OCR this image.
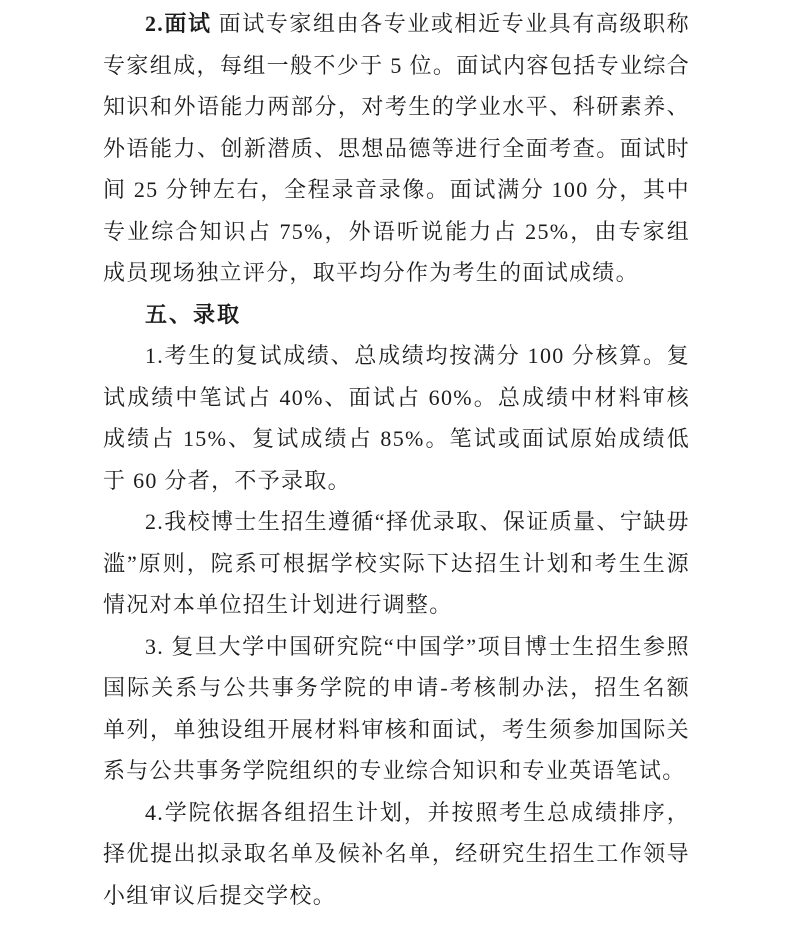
2.面试 面试专家组由各专业或相近专业具有高级职称专家组成，每组一般不少于 5 位。面试内容包括专业综合知识和外语能力两部分，对考生的学业水平、科研素养、外语能力、创新潜质、思想品德等进行全面考查。面试时间 25 分钟左右，全程录音录像。面试满分 100 分，其中专业综合知识占 75%，外语听说能力占 25%，由专家组成员现场独立评分，取平均分作为考生的面试成绩。

五、录取

1.考生的复试成绩、总成绩均按满分 100 分核算。复试成绩中笔试占 40%、面试占 60%。总成绩中材料审核成绩占 15%、复试成绩占 85%。笔试或面试原始成绩低于 60 分者，不予录取。

2.我校博士生招生遵循“择优录取、保证质量、宁缺毋滥”原则，院系可根据学校实际下达招生计划和考生生源情况对本单位招生计划进行调整。

3. 复旦大学中国研究院“中国学”项目博士生招生参照国际关系与公共事务学院的申请-考核制办法，招生名额单列，单独设组开展材料审核和面试，考生须参加国际关系与公共事务学院组织的专业综合知识和专业英语笔试。

4.学院依据各组招生计划，并按照考生总成绩排序，择优提出拟录取名单及候补名单，经研究生招生工作领导小组审议后提交学校。
